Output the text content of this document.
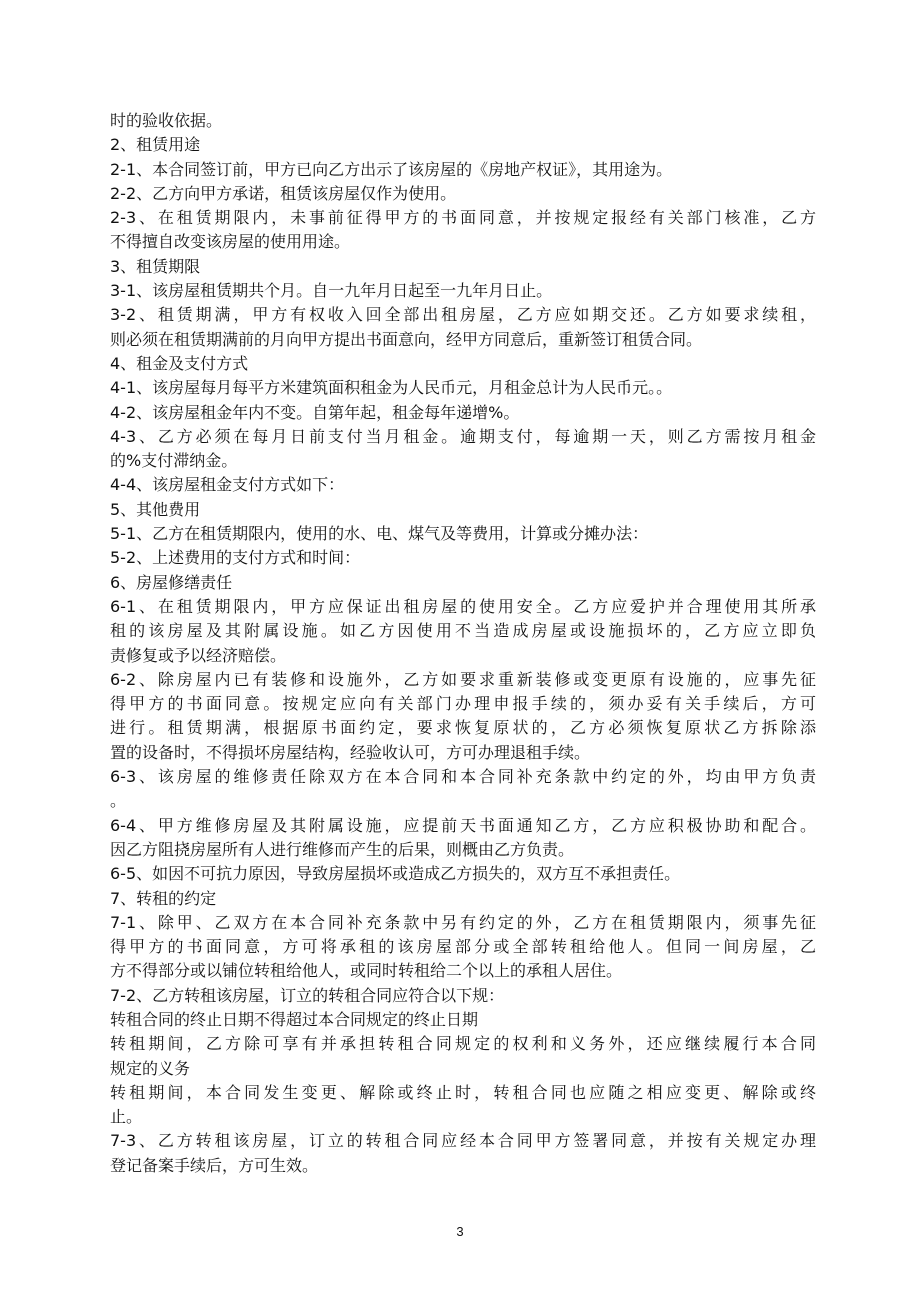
时的验收依据。
2、租赁用途
2-1、本合同签订前，甲方已向乙方出示了该房屋的《房地产权证》，其用途为。
2-2、乙方向甲方承诺，租赁该房屋仅作为使用。
2-3、在租赁期限内，未事前征得甲方的书面同意，并按规定报经有关部门核准，乙方
不得擅自改变该房屋的使用用途。
3、租赁期限
3-1、该房屋租赁期共个月。自一九年月日起至一九年月日止。
3-2、租赁期满，甲方有权收入回全部出租房屋，乙方应如期交还。乙方如要求续租，
则必须在租赁期满前的月向甲方提出书面意向，经甲方同意后，重新签订租赁合同。
4、租金及支付方式
4-1、该房屋每月每平方米建筑面积租金为人民币元，月租金总计为人民币元。。
4-2、该房屋租金年内不变。自第年起，租金每年递增%。
4-3、乙方必须在每月日前支付当月租金。逾期支付，每逾期一天，则乙方需按月租金
的%支付滞纳金。
4-4、该房屋租金支付方式如下：
5、其他费用
5-1、乙方在租赁期限内，使用的水、电、煤气及等费用，计算或分摊办法：
5-2、上述费用的支付方式和时间：
6、房屋修缮责任
6-1、在租赁期限内，甲方应保证出租房屋的使用安全。乙方应爱护并合理使用其所承
租的该房屋及其附属设施。如乙方因使用不当造成房屋或设施损坏的，乙方应立即负
责修复或予以经济赔偿。
6-2、除房屋内已有装修和设施外，乙方如要求重新装修或变更原有设施的，应事先征
得甲方的书面同意。按规定应向有关部门办理申报手续的，须办妥有关手续后，方可
进行。租赁期满，根据原书面约定，要求恢复原状的，乙方必须恢复原状乙方拆除添
置的设备时，不得损坏房屋结构，经验收认可，方可办理退租手续。
6-3、该房屋的维修责任除双方在本合同和本合同补充条款中约定的外，均由甲方负责
。
6-4、甲方维修房屋及其附属设施，应提前天书面通知乙方，乙方应积极协助和配合。
因乙方阻挠房屋所有人进行维修而产生的后果，则概由乙方负责。
6-5、如因不可抗力原因，导致房屋损坏或造成乙方损失的，双方互不承担责任。
7、转租的约定
7-1、除甲、乙双方在本合同补充条款中另有约定的外，乙方在租赁期限内，须事先征
得甲方的书面同意，方可将承租的该房屋部分或全部转租给他人。但同一间房屋，乙
方不得部分或以铺位转租给他人，或同时转租给二个以上的承租人居住。
7-2、乙方转租该房屋，订立的转租合同应符合以下规：
转租合同的终止日期不得超过本合同规定的终止日期
转租期间，乙方除可享有并承担转租合同规定的权利和义务外，还应继续履行本合同
规定的义务
转租期间，本合同发生变更、解除或终止时，转租合同也应随之相应变更、解除或终
止。
7-3、乙方转租该房屋，订立的转租合同应经本合同甲方签署同意，并按有关规定办理
登记备案手续后，方可生效。
3
